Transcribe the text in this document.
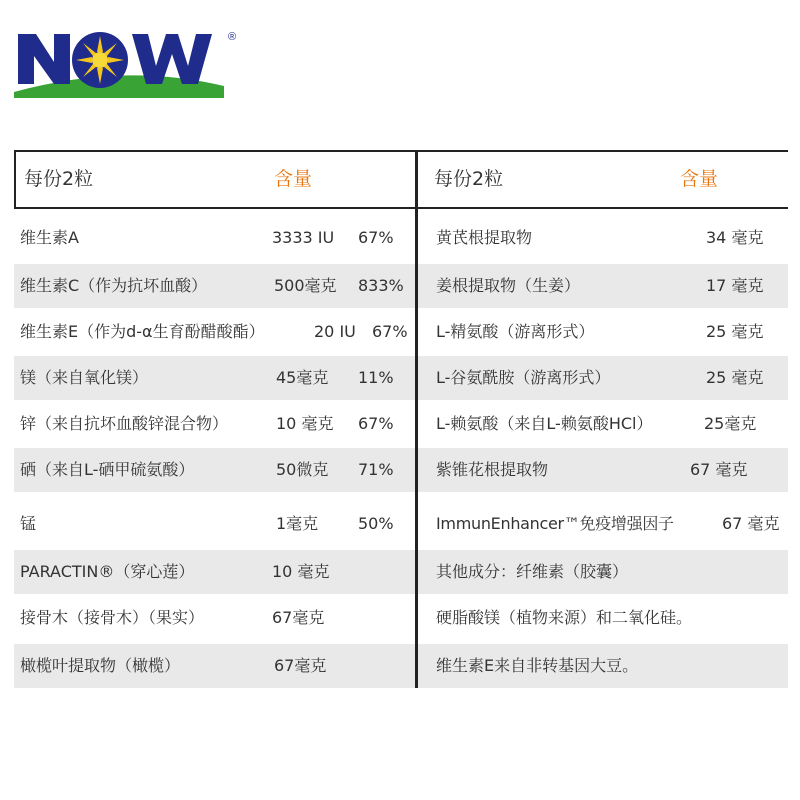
®
每份2粒	含量	每份2粒	含量
维生素A	3333 IU 67%
维生素C（作为抗坏血酸）	500毫克 833%
维生素E（作为d-α生育酚醋酸酯）	20 IU 67%
镁（来自氧化镁）	45毫克 11%
锌（来自抗坏血酸锌混合物）	10 毫克 67%
硒（来自L-硒甲硫氨酸）	50微克 71%
锰	1毫克 50%
PARACTIN®（穿心莲）	10 毫克
接骨木（接骨木）（果实）	67毫克
橄榄叶提取物（橄榄）	67毫克
黄芪根提取物	34 毫克
姜根提取物（生姜）	17 毫克
L-精氨酸（游离形式）	25 毫克
L-谷氨酰胺（游离形式）	25 毫克
L-赖氨酸（来自L-赖氨酸HCl）	25毫克
紫锥花根提取物	67 毫克
ImmunEnhancer™免疫增强因子	67 毫克
其他成分：纤维素（胶囊）
硬脂酸镁（植物来源）和二氧化硅。
维生素E来自非转基因大豆。
